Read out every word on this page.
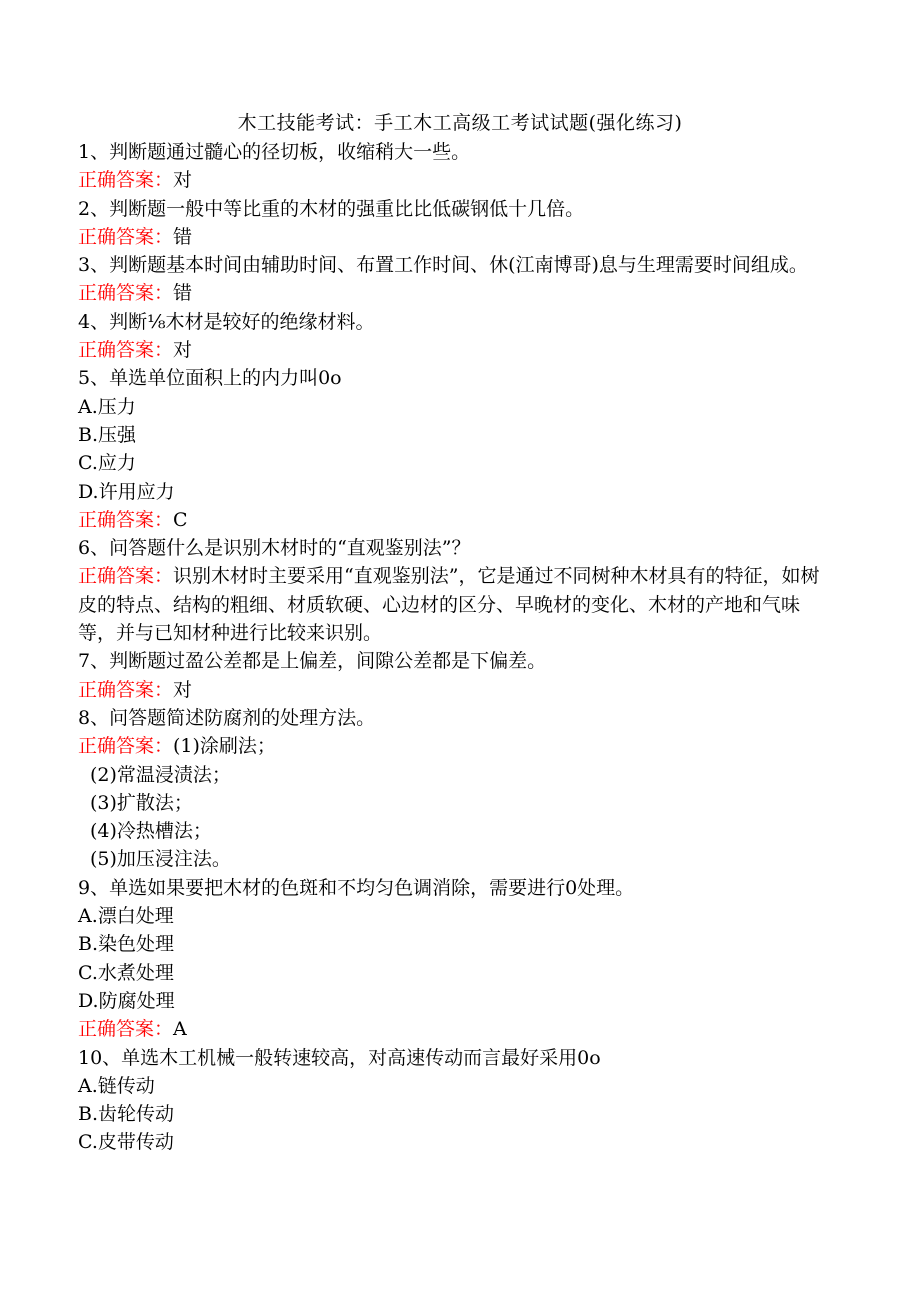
木工技能考试：手工木工高级工考试试题(强化练习)
1、判断题通过髓心的径切板，收缩稍大一些。
正确答案：对
2、判断题一般中等比重的木材的强重比比低碳钢低十几倍。
正确答案：错
3、判断题基本时间由辅助时间、布置工作时间、休(江南博哥)息与生理需要时间组成。
正确答案：错
4、判断⅛木材是较好的绝缘材料。
正确答案：对
5、单选单位面积上的内力叫0o
A.压力
B.压强
C.应力
D.许用应力
正确答案：C
6、问答题什么是识别木材时的“直观鉴别法”？
正确答案：识别木材时主要采用“直观鉴别法”，它是通过不同树种木材具有的特征，如树皮的特点、结构的粗细、材质软硬、心边材的区分、早晚材的变化、木材的产地和气味等，并与已知材种进行比较来识别。
7、判断题过盈公差都是上偏差，间隙公差都是下偏差。
正确答案：对
8、问答题简述防腐剂的处理方法。
正确答案：(1)涂刷法；
(2)常温浸渍法；
(3)扩散法；
(4)冷热槽法；
(5)加压浸注法。
9、单选如果要把木材的色斑和不均匀色调消除，需要进行0处理。
A.漂白处理
B.染色处理
C.水煮处理
D.防腐处理
正确答案：A
10、单选木工机械一般转速较高，对高速传动而言最好采用0o
A.链传动
B.齿轮传动
C.皮带传动
